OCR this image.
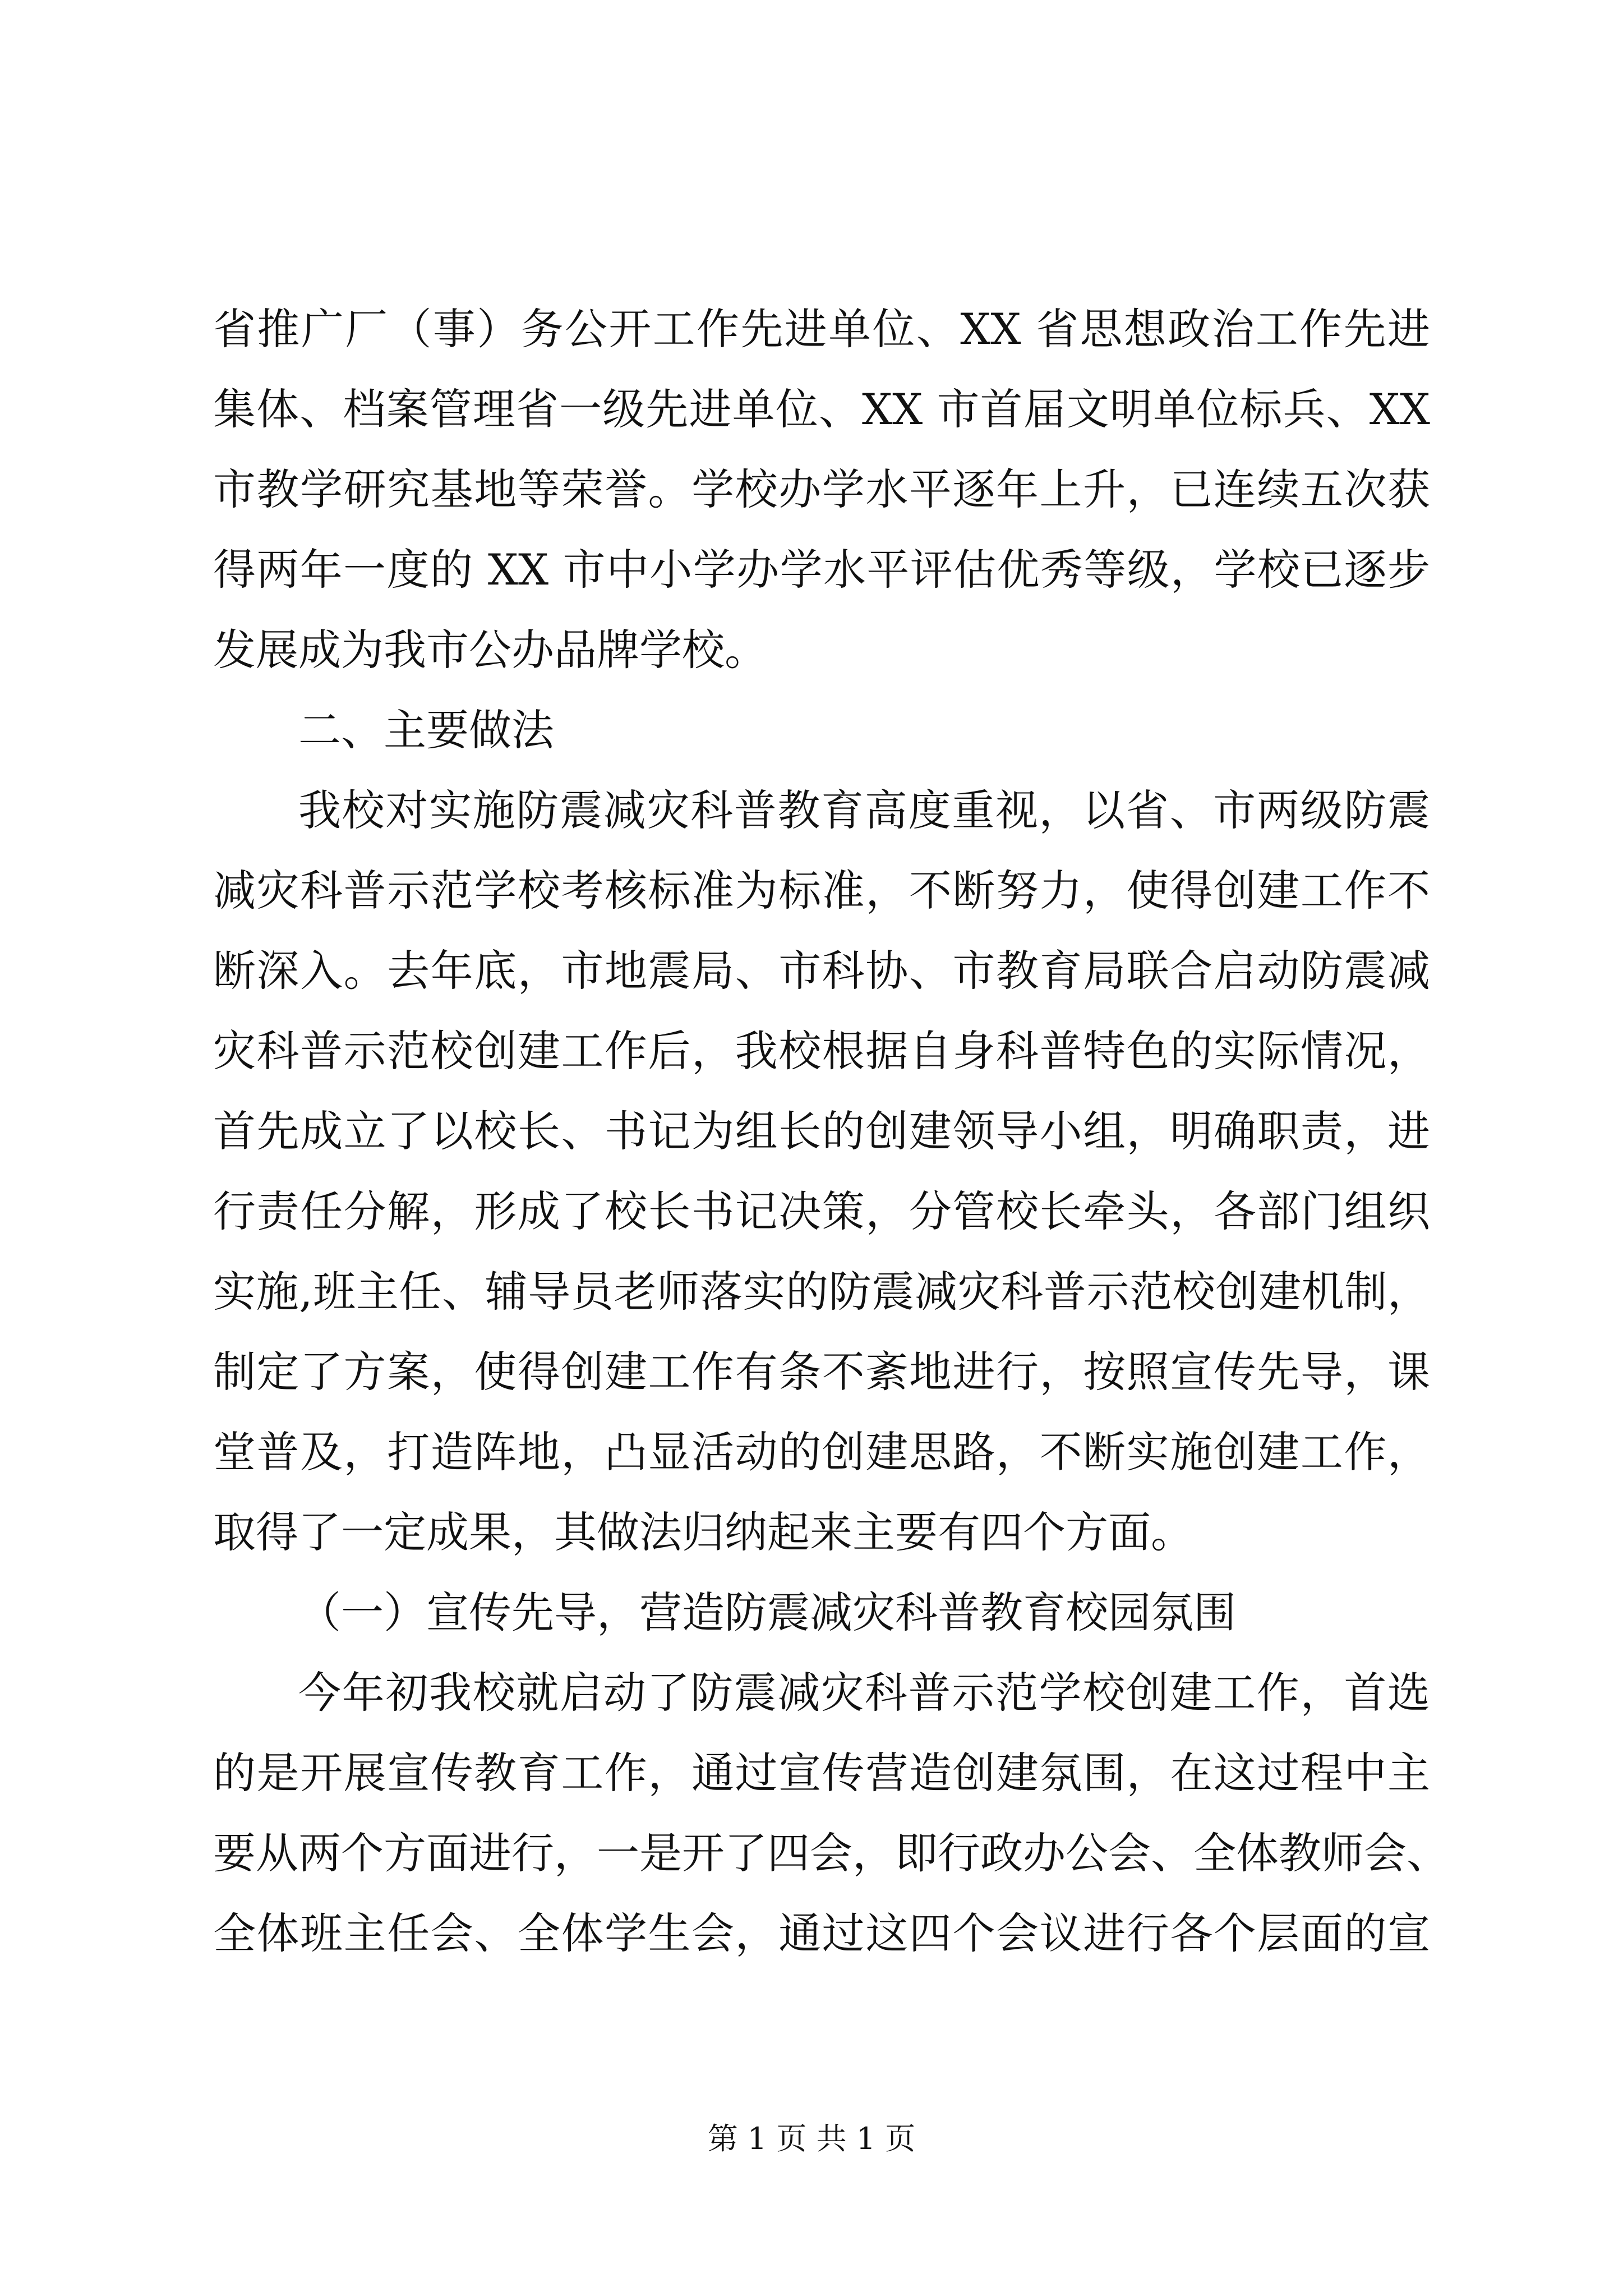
省推广厂（事）务公开工作先进单位、XX 省思想政治工作先进
集体、档案管理省一级先进单位、XX 市首届文明单位标兵、XX
市教学研究基地等荣誉。学校办学水平逐年上升，已连续五次获
得两年一度的 XX 市中小学办学水平评估优秀等级，学校已逐步
发展成为我市公办品牌学校。
二、主要做法
我校对实施防震减灾科普教育高度重视，以省、市两级防震
减灾科普示范学校考核标准为标准，不断努力，使得创建工作不
断深入。去年底，市地震局、市科协、市教育局联合启动防震减
灾科普示范校创建工作后，我校根据自身科普特色的实际情况，
首先成立了以校长、书记为组长的创建领导小组，明确职责，进
行责任分解，形成了校长书记决策，分管校长牵头，各部门组织
实施,班主任、辅导员老师落实的防震减灾科普示范校创建机制，
制定了方案，使得创建工作有条不紊地进行，按照宣传先导，课
堂普及，打造阵地，凸显活动的创建思路，不断实施创建工作，
取得了一定成果，其做法归纳起来主要有四个方面。
（一）宣传先导，营造防震减灾科普教育校园氛围
今年初我校就启动了防震减灾科普示范学校创建工作，首选
的是开展宣传教育工作，通过宣传营造创建氛围，在这过程中主
要从两个方面进行，一是开了四会，即行政办公会、全体教师会、
全体班主任会、全体学生会，通过这四个会议进行各个层面的宣
第 1 页 共 1 页
